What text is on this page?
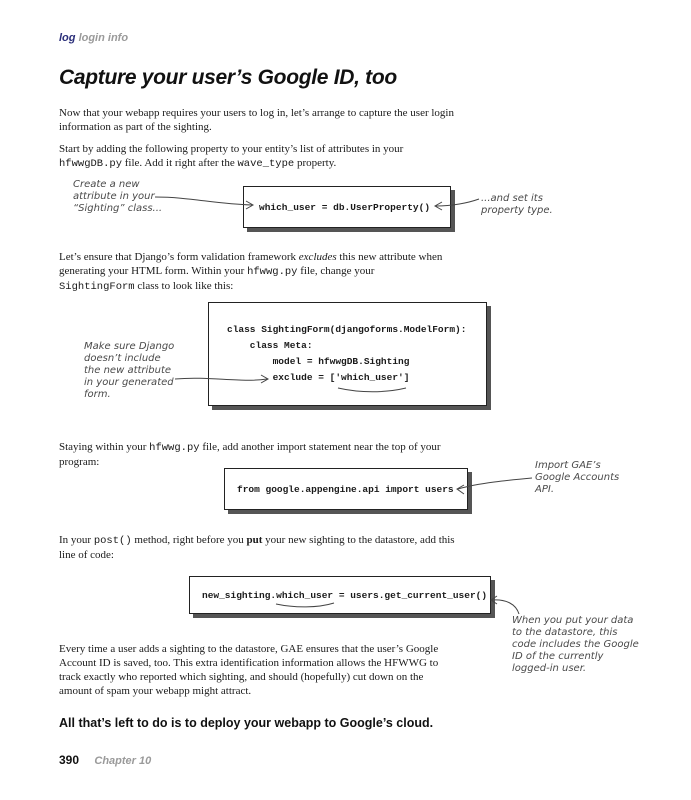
log login info
Capture your user’s Google ID, too

Now that your webapp requires your users to log in, let’s arrange to capture the user login information as part of the sighting.

Start by adding the following property to your entity’s list of attributes in your hfwwgDB.py file. Add it right after the wave_type property.

Create a new attribute in your “Sighting” class...	which_user = db.UserProperty()
...and set its property type.

Let’s ensure that Django’s form validation framework excludes this new attribute when generating your HTML form. Within your hfwwg.py file, change your SightingForm class to look like this:

class SightingForm(djangoforms.ModelForm):
class Meta:
model = hfwwgDB.Sighting
exclude = ['which_user']
Make sure Django doesn’t include the new attribute in your generated form.

Staying within your hfwwg.py file, add another import statement near the top of your program:

from google.appengine.api import users
Import GAE’s Google Accounts API.

In your post() method, right before you put your new sighting to the datastore, add this line of code:

new_sighting.which_user = users.get_current_user()
When you put your data to the datastore, this code includes the Google ID of the currently logged-in user.

Every time a user adds a sighting to the datastore, GAE ensures that the user’s Google Account ID is saved, too. This extra identification information allows the HFWWG to track exactly who reported which sighting, and should (hopefully) cut down on the amount of spam your webapp might attract.

All that’s left to do is to deploy your webapp to Google’s cloud.
390 Chapter 10
